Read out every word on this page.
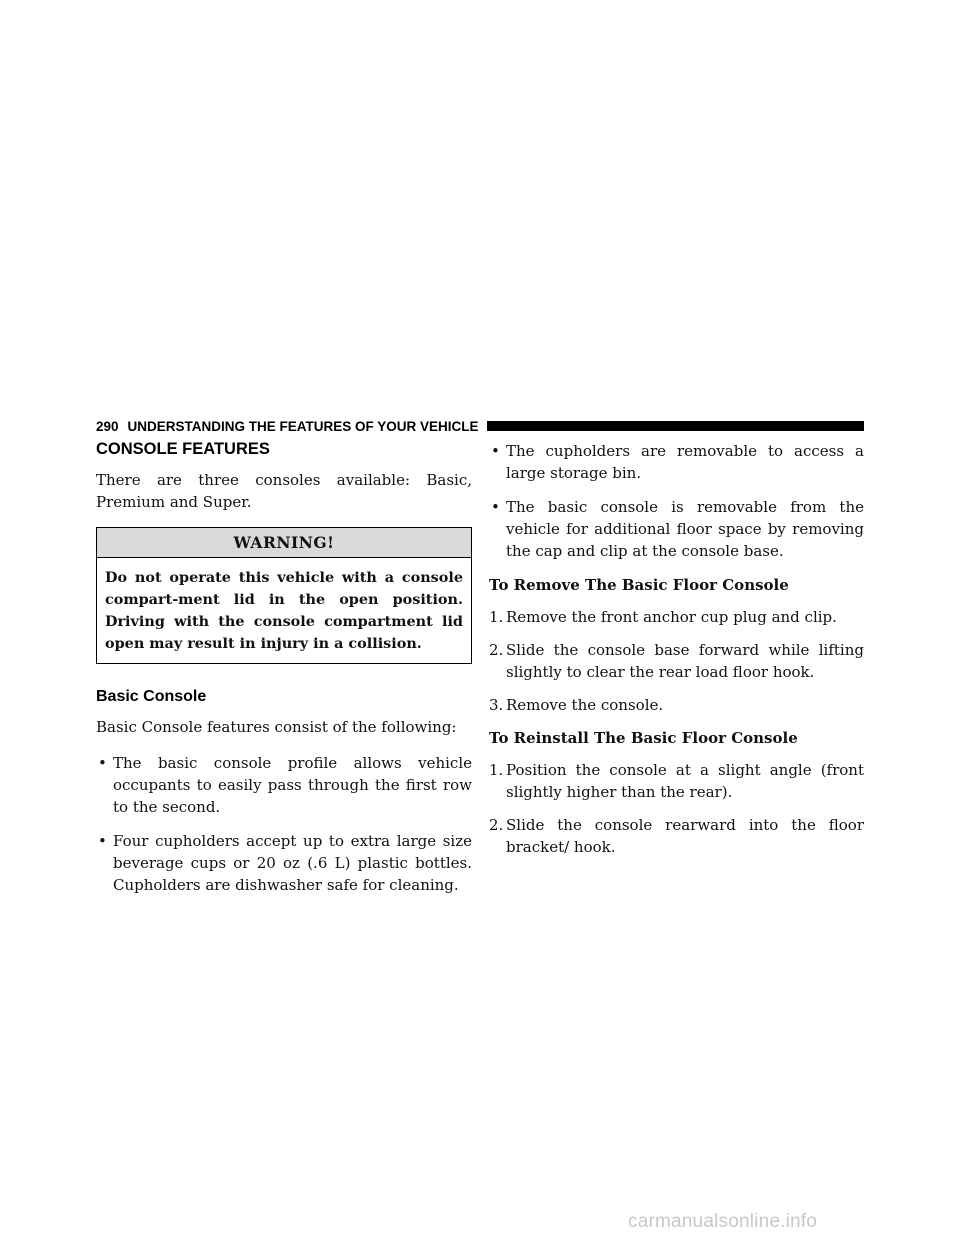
290 UNDERSTANDING THE FEATURES OF YOUR VEHICLE
CONSOLE FEATURES

There are three consoles available: Basic, Premium and Super.

WARNING!
Do not operate this vehicle with a console compart-ment lid in the open position. Driving with the console compartment lid open may result in injury in a collision.
Basic Console

Basic Console features consist of the following:

• The basic console profile allows vehicle occupants to easily pass through the first row to the second.
• Four cupholders accept up to extra large size beverage cups or 20 oz (.6 L) plastic bottles. Cupholders are dishwasher safe for cleaning.
• The cupholders are removable to access a large storage bin.
• The basic console is removable from the vehicle for additional floor space by removing the cap and clip at the console base.
To Remove The Basic Floor Console
1. Remove the front anchor cup plug and clip.
2. Slide the console base forward while lifting slightly to clear the rear load floor hook.
3. Remove the console.
To Reinstall The Basic Floor Console
1. Position the console at a slight angle (front slightly higher than the rear).
2. Slide the console rearward into the floor bracket/ hook.
carmanualsonline.info
